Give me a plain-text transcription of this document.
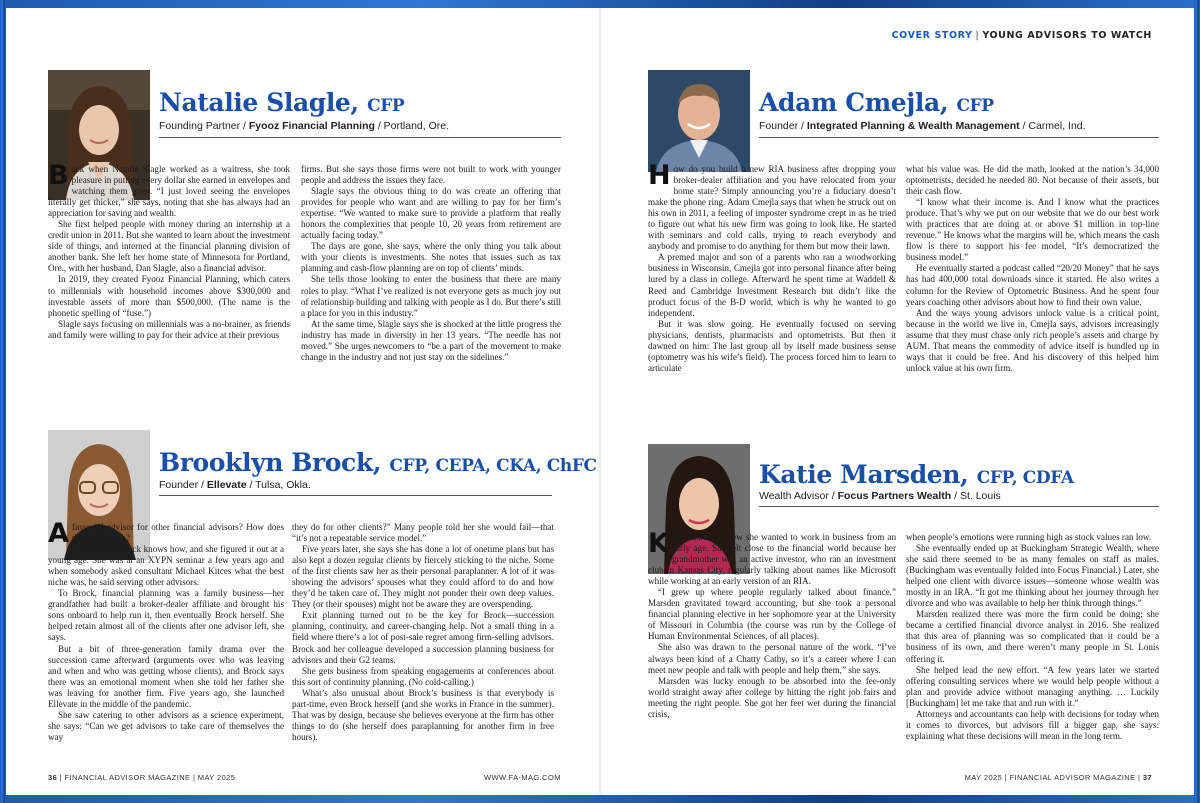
COVER STORY | YOUNG ADVISORS TO WATCH
Natalie Slagle, CFP
Founding Partner / Fyooz Financial Planning / Portland, Ore.

Back when Natalie Slagle worked as a waitress, she took pleasure in putting every dollar she earned in envelopes and watching them grow. “I just loved seeing the envelopes literally get thicker,” she says, noting that she has always had an appreciation for saving and wealth.

She first helped people with money during an internship at a credit union in 2011. But she wanted to learn about the investment side of things, and interned at the financial planning division of another bank. She left her home state of Minnesota for Portland, Ore., with her husband, Dan Slagle, also a financial advisor.

In 2019, they created Fyooz Financial Planning, which caters to millennials with household incomes above $300,000 and investable assets of more than $500,000. (The name is the phonetic spelling of “fuse.”)

Slagle says focusing on millennials was a no-brainer, as friends and family were willing to pay for their advice at their previous

firms. But she says those firms were not built to work with younger people and address the issues they face.

Slagle says the obvious thing to do was create an offering that provides for people who want and are willing to pay for her firm’s expertise. “We wanted to make sure to provide a platform that really honors the complexities that people 10, 20 years from retirement are actually facing today.”

The days are gone, she says, where the only thing you talk about with your clients is investments. She notes that issues such as tax planning and cash-flow planning are on top of clients’ minds.

She tells those looking to enter the business that there are many roles to play. “What I’ve realized is not everyone gets as much joy out of relationship building and talking with people as I do. But there’s still a place for you in this industry.”

At the same time, Slagle says she is shocked at the little progress the industry has made in diversity in her 13 years. “The needle has not moved.” She urges newcomers to “be a part of the movement to make change in the industry and not just stay on the sidelines.”

Adam Cmejla, CFP
Founder / Integrated Planning & Wealth Management / Carmel, Ind.

How do you build a new RIA business after dropping your broker-dealer affiliation and you have relocated from your home state? Simply announcing you’re a fiduciary doesn’t make the phone ring. Adam Cmejla says that when he struck out on his own in 2011, a feeling of imposter syndrome crept in as he tried to figure out what his new firm was going to look like. He started with seminars and cold calls, trying to reach everybody and anybody and promise to do anything for them but mow their lawn.

A premed major and son of a parents who ran a woodworking business in Wisconsin, Cmejla got into personal finance after being lured by a class in college. Afterward he spent time at Waddell & Reed and Cambridge Investment Research but didn’t like the product focus of the B-D world, which is why he wanted to go independent.

But it was slow going. He eventually focused on serving physicians, dentists, pharmacists and optometrists. But then it dawned on him: The last group all by itself made business sense (optometry was his wife’s field). The process forced him to learn to articulate

what his value was. He did the math, looked at the nation’s 34,000 optometrists, decided he needed 80. Not because of their assets, but their cash flow.

“I know what their income is. And I know what the practices produce. That’s why we put on our website that we do our best work with practices that are doing at or above $1 million in top-line revenue.” He knows what the margins will be, which means the cash flow is there to support his fee model. “It’s democratized the business model.”

He eventually started a podcast called “20/20 Money” that he says has had 400,000 total downloads since it started. He also writes a column for the Review of Optometric Business. And he spent four years coaching other advisors about how to find their own value.

And the ways young advisors unlock value is a critical point, because in the world we live in, Cmejla says, advisors increasingly assume that they must chase only rich people’s assets and charge by AUM. That means the commodity of advice itself is bundled up in ways that it could be free. And his discovery of this helped him unlock value at his own firm.

Brooklyn Brock, CFP, CEPA, CKA, ChFC
Founder / Ellevate / Tulsa, Okla.

A financial advisor for other financial advisors? How does that even work?

Brooklyn Brock knows how, and she figured it out at a young age. She was at an XYPN seminar a few years ago and when somebody asked consultant Michael Kitces what the best niche was, he said serving other advisors.

To Brock, financial planning was a family business—her grandfather had built a broker-dealer affiliate and brought his sons onboard to help run it, then eventually Brock herself. She helped retain almost all of the clients after one advisor left, she says.

But a bit of three-generation family drama over the succession came afterward (arguments over who was leaving and when and who was getting whose clients), and Brock says there was an emotional moment when she told her father she was leaving for another firm. Five years ago, she launched Ellevate in the middle of the pandemic.

She saw catering to other advisors as a science experiment, she says: “Can we get advisors to take care of themselves the way

they do for other clients?” Many people told her she would fail—that “it’s not a repeatable service model.”

Five years later, she says she has done a lot of onetime plans but has also kept a dozen regular clients by fiercely sticking to the niche. Some of the first clients saw her as their personal paraplanner. A lot of it was showing the advisors’ spouses what they could afford to do and how they’d be taken care of. They might not ponder their own deep values. They (or their spouses) might not be aware they are overspending.

Exit planning turned out to be the key for Brock—succession planning, continuity, and career-changing help. Not a small thing in a field where there’s a lot of post-sale regret among firm-selling advisors. Brock and her colleague developed a succession planning business for advisors and their G2 teams.

She gets business from speaking engagements at conferences about this sort of continuity planning. (No cold-calling.)

What’s also unusual about Brock’s business is that everybody is part-time, even Brock herself (and she works in France in the summer). That was by design, because she believes everyone at the firm has other things to do (she herself does paraplanning for another firm in free hours).

Katie Marsden, CFP, CDFA
Wealth Advisor / Focus Partners Wealth / St. Louis

Katie Marsden knew she wanted to work in business from an early age. She felt close to the financial world because her grandmother was an active investor, who ran an investment club in Kansas City, regularly talking about names like Microsoft while working at an early version of an RIA.

“I grew up where people regularly talked about finance.” Marsden gravitated toward accounting, but she took a personal financial planning elective in her sophomore year at the University of Missouri in Columbia (the course was run by the College of Human Environmental Sciences, of all places).

She also was drawn to the personal nature of the work. “I’ve always been kind of a Chatty Cathy, so it’s a career where I can meet new people and talk with people and help them,” she says.

Marsden was lucky enough to be absorbed into the fee-only world straight away after college by hitting the right job fairs and meeting the right people. She got her feet wet during the financial crisis,

when people’s emotions were running high as stock values ran low.

She eventually ended up at Buckingham Strategic Wealth, where she said there seemed to be as many females on staff as males. (Buckingham was eventually folded into Focus Financial.) Later, she helped one client with divorce issues—someone whose wealth was mostly in an IRA. “It got me thinking about her journey through her divorce and who was available to help her think through things.”

Marsden realized there was more the firm could be doing; she became a certified financial divorce analyst in 2016. She realized that this area of planning was so complicated that it could be a business of its own, and there weren’t many people in St. Louis offering it.

She helped lead the new effort. “A few years later we started offering consulting services where we would help people without a plan and provide advice without managing anything. … Luckily [Buckingham] let me take that and run with it.”

Attorneys and accountants can help with decisions for today when it comes to divorces, but advisors fill a bigger gap, she says: explaining what these decisions will mean in the long term.

36 | FINANCIAL ADVISOR MAGAZINE | MAY 2025	WWW.FA-MAG.COM	MAY 2025 | FINANCIAL ADVISOR MAGAZINE | 37
